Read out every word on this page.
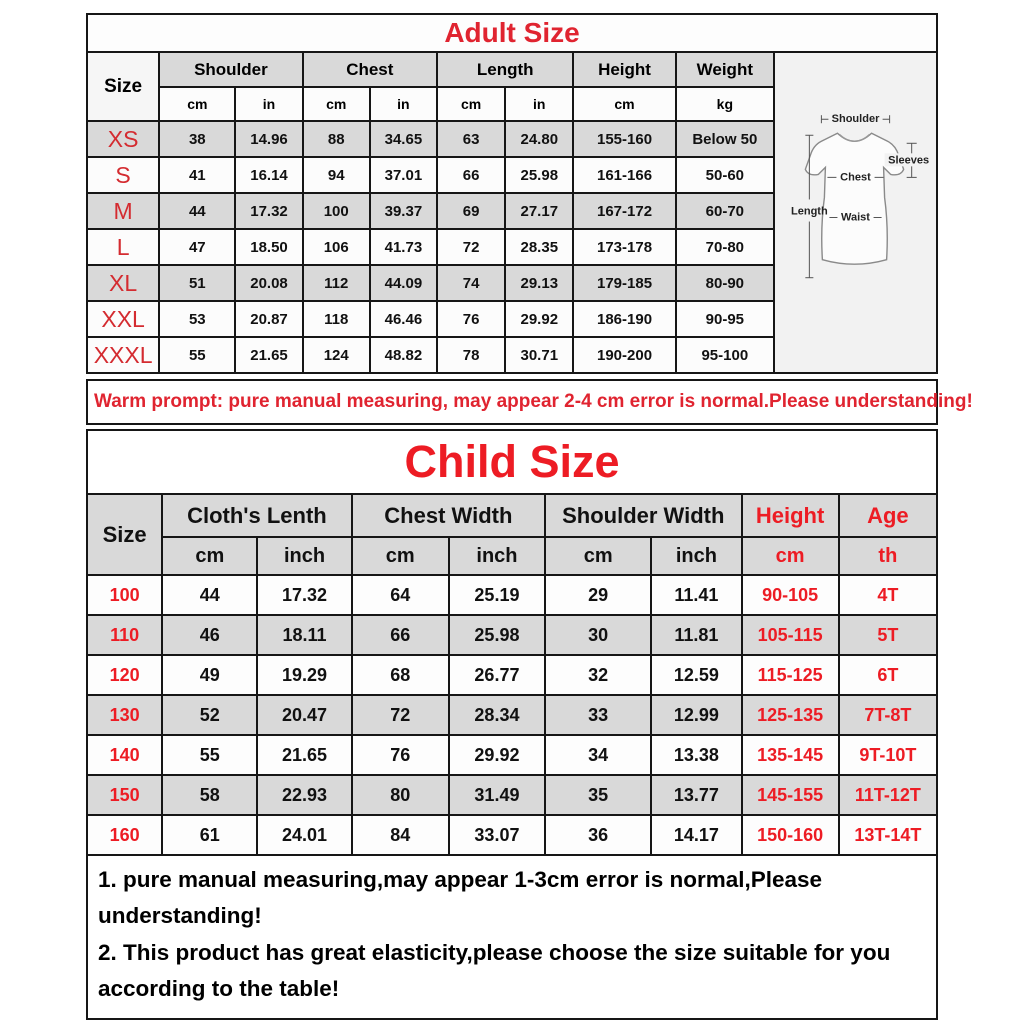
Adult Size
Size	Shoulder		Chest		Length		Height	Weight
	cm	in	cm	in	cm	in	cm	kg
XS	38	14.96	88	34.65	63	24.80	155-160	Below 50
S	41	16.14	94	37.01	66	25.98	161-166	50-60
M	44	17.32	100	39.37	69	27.17	167-172	60-70
L	47	18.50	106	41.73	72	28.35	173-178	70-80
XL	51	20.08	112	44.09	74	29.13	179-185	80-90
XXL	53	20.87	118	46.46	76	29.92	186-190	90-95
XXXL	55	21.65	124	48.82	78	30.71	190-200	95-100
Shoulder
Sleeves
Chest
Waist
Length
Warm prompt: pure manual measuring, may appear 2-4 cm error is normal.Please understanding!
Child Size
Size	Cloth's Lenth		Chest Width		Shoulder Width		Height	Age
	cm	inch	cm	inch	cm	inch	cm	th
100	44	17.32	64	25.19	29	11.41	90-105	4T
110	46	18.11	66	25.98	30	11.81	105-115	5T
120	49	19.29	68	26.77	32	12.59	115-125	6T
130	52	20.47	72	28.34	33	12.99	125-135	7T-8T
140	55	21.65	76	29.92	34	13.38	135-145	9T-10T
150	58	22.93	80	31.49	35	13.77	145-155	11T-12T
160	61	24.01	84	33.07	36	14.17	150-160	13T-14T
1. pure manual measuring,may appear 1-3cm error is normal,Please understanding!
2. This product has great elasticity,please choose the size suitable for you according to the table!
